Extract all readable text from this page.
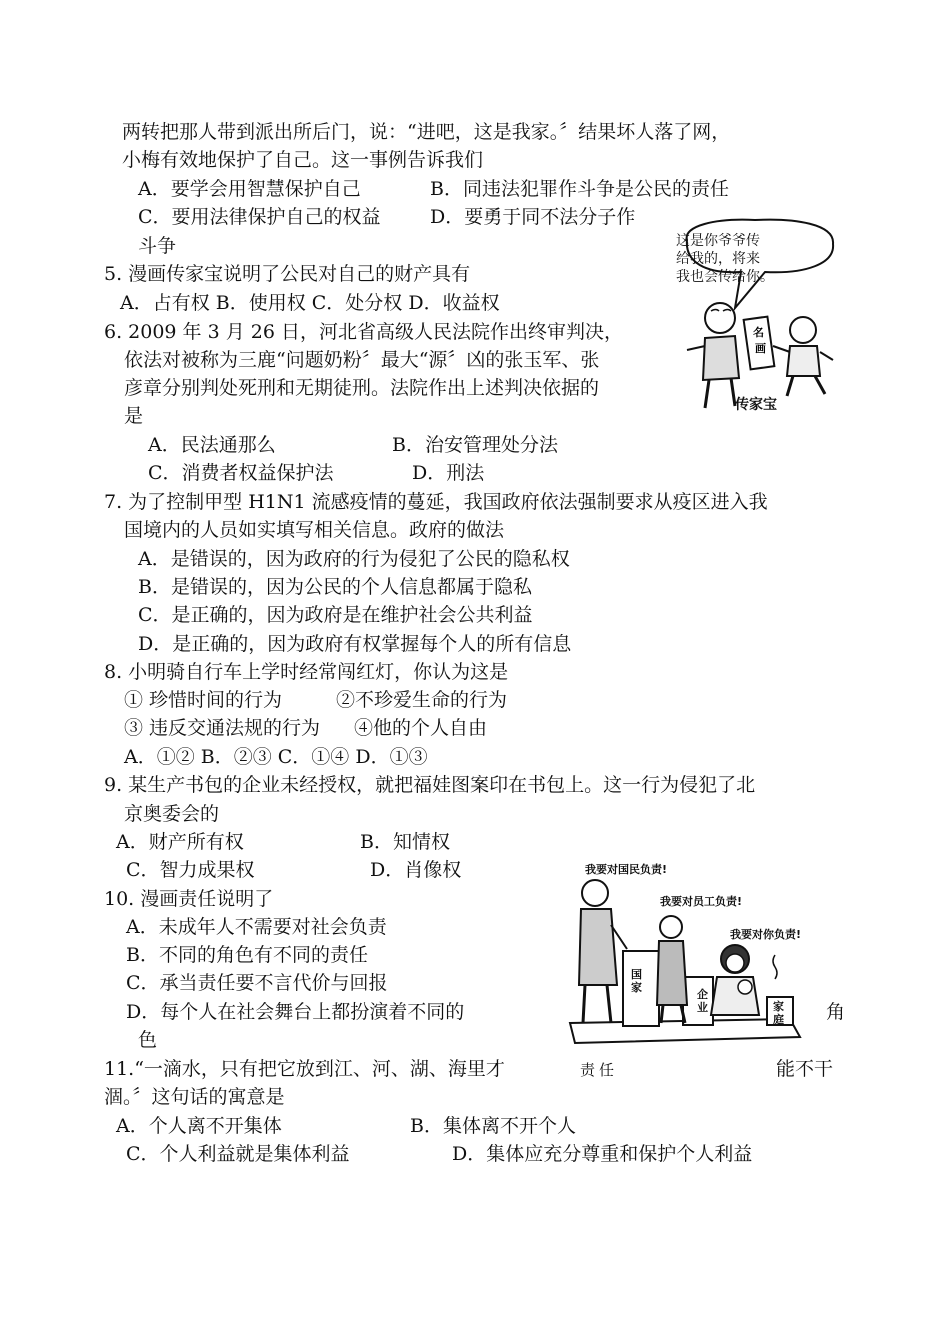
两转把那人带到派出所后门，说：“进吧，这是我家。〞结果坏人落了网，
小梅有效地保护了自己。这一事例告诉我们
A．要学会用智慧保护自己	B．同违法犯罪作斗争是公民的责任
C．要用法律保护自己的权益	D．要勇于同不法分子作
斗争
5. 漫画传家宝说明了公民对自己的财产具有
A．占有权 B．使用权 C．处分权 D．收益权
名
画
这是你爷爷传
给我的，将来
我也会传给你。
传家宝
6. 2009 年 3 月 26 日，河北省高级人民法院作出终审判决，
依法对被称为三鹿“问题奶粉〞最大“源〞凶的张玉军、张
彦章分别判处死刑和无期徒刑。法院作出上述判决依据的
是
A．民法通那么	B．治安管理处分法
C．消费者权益保护法	D．刑法
7. 为了控制甲型 H1N1 流感疫情的蔓延，我国政府依法强制要求从疫区进入我
国境内的人员如实填写相关信息。政府的做法
A．是错误的，因为政府的行为侵犯了公民的隐私权
B．是错误的，因为公民的个人信息都属于隐私
C．是正确的，因为政府是在维护社会公共利益
D．是正确的，因为政府有权掌握每个人的所有信息
8. 小明骑自行车上学时经常闯红灯，你认为这是
① 珍惜时间的行为	②不珍爱生命的行为
③ 违反交通法规的行为 ④他的个人自由
A．①② B．②③ C．①④ D．①③
9. 某生产书包的企业未经授权，就把福娃图案印在书包上。这一行为侵犯了北
京奥委会的
A．财产所有权	B．知情权
C．智力成果权	D．肖像权
10. 漫画责任说明了
A．未成年人不需要对社会负责
B．不同的角色有不同的责任
C．承当责任要不言代价与回报
D．每个人在社会舞台上都扮演着不同的	角
色
我要对国民负责!
我要对员工负责!
我要对你负责!
国
家
企
业	家
庭
责任
11.“一滴水，只有把它放到江、河、湖、海里才	能不干
涸。〞这句话的寓意是
A．个人离不开集体	B．集体离不开个人
C．个人利益就是集体利益	D．集体应充分尊重和保护个人利益
